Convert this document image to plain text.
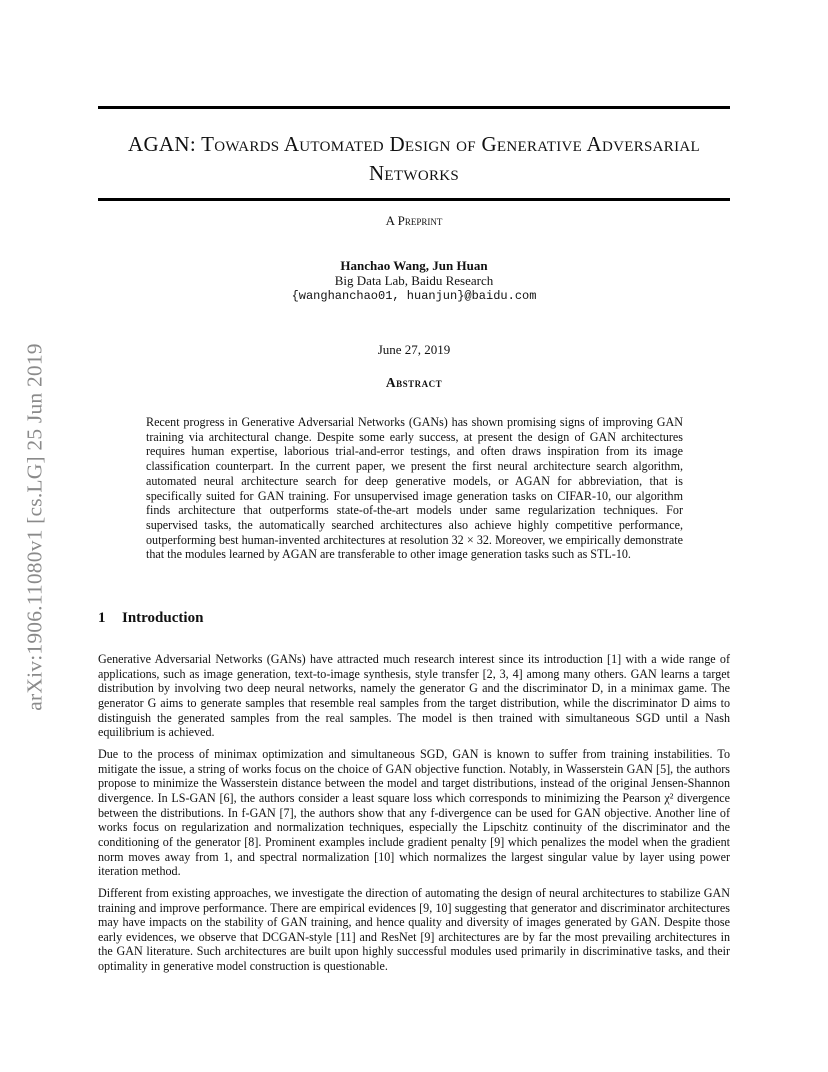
arXiv:1906.11080v1 [cs.LG] 25 Jun 2019
AGAN: Towards Automated Design of Generative Adversarial Networks
A Preprint
Hanchao Wang, Jun Huan
Big Data Lab, Baidu Research
{wanghanchao01, huanjun}@baidu.com
June 27, 2019
Abstract

Recent progress in Generative Adversarial Networks (GANs) has shown promising signs of improving GAN training via architectural change. Despite some early success, at present the design of GAN architectures requires human expertise, laborious trial-and-error testings, and often draws inspiration from its image classification counterpart. In the current paper, we present the first neural architecture search algorithm, automated neural architecture search for deep generative models, or AGAN for abbreviation, that is specifically suited for GAN training. For unsupervised image generation tasks on CIFAR-10, our algorithm finds architecture that outperforms state-of-the-art models under same regularization techniques. For supervised tasks, the automatically searched architectures also achieve highly competitive performance, outperforming best human-invented architectures at resolution 32 × 32. Moreover, we empirically demonstrate that the modules learned by AGAN are transferable to other image generation tasks such as STL-10.

1 Introduction

Generative Adversarial Networks (GANs) have attracted much research interest since its introduction [1] with a wide range of applications, such as image generation, text-to-image synthesis, style transfer [2, 3, 4] among many others. GAN learns a target distribution by involving two deep neural networks, namely the generator G and the discriminator D, in a minimax game. The generator G aims to generate samples that resemble real samples from the target distribution, while the discriminator D aims to distinguish the generated samples from the real samples. The model is then trained with simultaneous SGD until a Nash equilibrium is achieved.

Due to the process of minimax optimization and simultaneous SGD, GAN is known to suffer from training instabilities. To mitigate the issue, a string of works focus on the choice of GAN objective function. Notably, in Wasserstein GAN [5], the authors propose to minimize the Wasserstein distance between the model and target distributions, instead of the original Jensen-Shannon divergence. In LS-GAN [6], the authors consider a least square loss which corresponds to minimizing the Pearson χ² divergence between the distributions. In f-GAN [7], the authors show that any f-divergence can be used for GAN objective. Another line of works focus on regularization and normalization techniques, especially the Lipschitz continuity of the discriminator and the conditioning of the generator [8]. Prominent examples include gradient penalty [9] which penalizes the model when the gradient norm moves away from 1, and spectral normalization [10] which normalizes the largest singular value by layer using power iteration method.

Different from existing approaches, we investigate the direction of automating the design of neural architectures to stabilize GAN training and improve performance. There are empirical evidences [9, 10] suggesting that generator and discriminator architectures may have impacts on the stability of GAN training, and hence quality and diversity of images generated by GAN. Despite those early evidences, we observe that DCGAN-style [11] and ResNet [9] architectures are by far the most prevailing architectures in the GAN literature. Such architectures are built upon highly successful modules used primarily in discriminative tasks, and their optimality in generative model construction is questionable.
